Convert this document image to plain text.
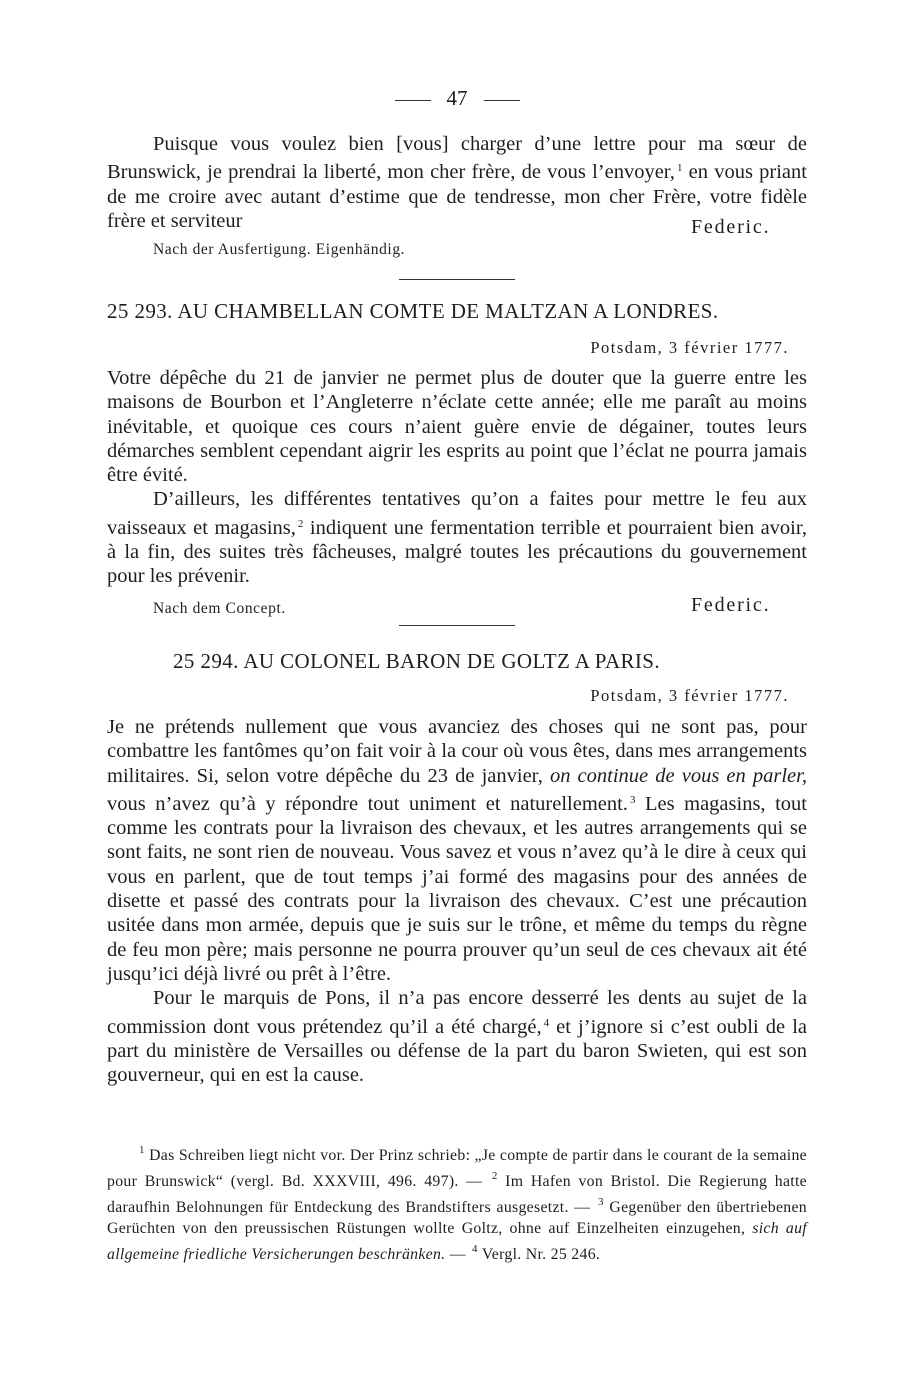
47

Puisque vous voulez bien [vous] charger d’une lettre pour ma sœur de Brunswick, je prendrai la liberté, mon cher frère, de vous l’envoyer, $^1$ en vous priant de me croire avec autant d’estime que de tendresse, mon cher Frère, votre fidèle frère et serviteur	Federic.
Nach der Ausfertigung. Eigenhändig.
25 293. AU CHAMBELLAN COMTE DE MALTZAN A LONDRES.
Potsdam, 3 février 1777.

Votre dépêche du 21 de janvier ne permet plus de douter que la guerre entre les maisons de Bourbon et l’Angleterre n’éclate cette année; elle me paraît au moins inévitable, et quoique ces cours n’aient guère envie de dégainer, toutes leurs démarches semblent cependant aigrir les esprits au point que l’éclat ne pourra jamais être évité.

D’ailleurs, les différentes tentatives qu’on a faites pour mettre le feu aux vaisseaux et magasins, $^2$ indiquent une fermentation terrible et pourraient bien avoir, à la fin, des suites très fâcheuses, malgré toutes les précautions du gouvernement pour les prévenir.

Nach dem Concept.	Federic.
25 294. AU COLONEL BARON DE GOLTZ A PARIS.
Potsdam, 3 février 1777.

Je ne prétends nullement que vous avanciez des choses qui ne sont pas, pour combattre les fantômes qu’on fait voir à la cour où vous êtes, dans mes arrangements militaires. Si, selon votre dépêche du 23 de janvier, on continue de vous en parler, vous n’avez qu’à y répondre tout uniment et naturellement. $^3$ Les magasins, tout comme les contrats pour la livraison des chevaux, et les autres arrangements qui se sont faits, ne sont rien de nouveau. Vous savez et vous n’avez qu’à le dire à ceux qui vous en parlent, que de tout temps j’ai formé des magasins pour des années de disette et passé des contrats pour la livraison des chevaux. C’est une précaution usitée dans mon armée, depuis que je suis sur le trône, et même du temps du règne de feu mon père; mais personne ne pourra prouver qu’un seul de ces chevaux ait été jusqu’ici déjà livré ou prêt à l’être.

Pour le marquis de Pons, il n’a pas encore desserré les dents au sujet de la commission dont vous prétendez qu’il a été chargé, $^4$ et j’ignore si c’est oubli de la part du ministère de Versailles ou défense de la part du baron Swieten, qui est son gouverneur, qui en est la cause.

$^1$ Das Schreiben liegt nicht vor. Der Prinz schrieb: „Je compte de partir dans le courant de la semaine pour Brunswick“ (vergl. Bd. XXXVIII, 496. 497). — $^2$ Im Hafen von Bristol. Die Regierung hatte daraufhin Belohnungen für Entdeckung des Brandstifters ausgesetzt. — $^3$ Gegenüber den übertriebenen Gerüchten von den preussischen Rüstungen wollte Goltz, ohne auf Einzelheiten einzugehen, sich auf allgemeine friedliche Versicherungen beschränken. — $^4$ Vergl. Nr. 25 246.
